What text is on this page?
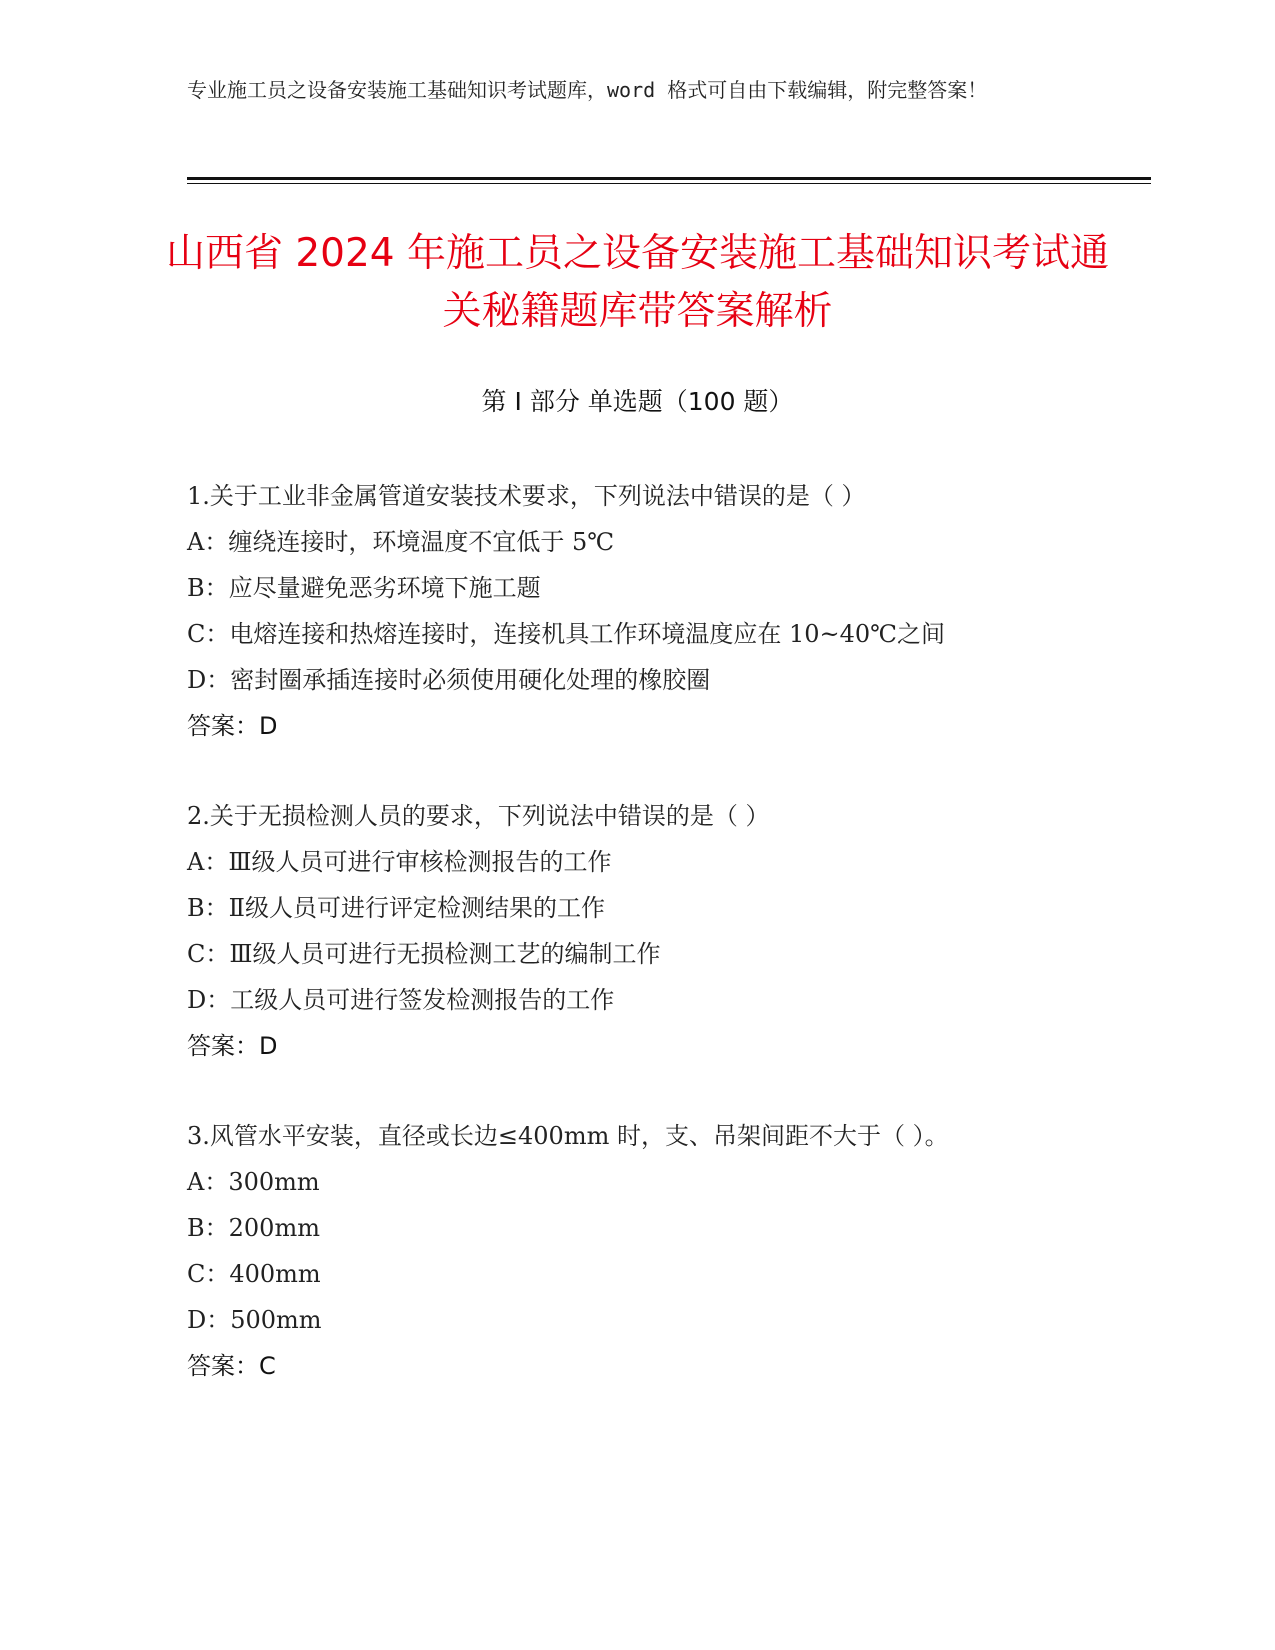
专业施工员之设备安装施工基础知识考试题库，word 格式可自由下载编辑，附完整答案！
山西省 2024 年施工员之设备安装施工基础知识考试通关秘籍题库带答案解析
第 I 部分 单选题（100 题）
1.关于工业非金属管道安装技术要求，下列说法中错误的是（ ）
A：缠绕连接时，环境温度不宜低于 5℃
B：应尽量避免恶劣环境下施工题
C：电熔连接和热熔连接时，连接机具工作环境温度应在 10~40℃之间
D：密封圈承插连接时必须使用硬化处理的橡胶圈
答案：D
2.关于无损检测人员的要求，下列说法中错误的是（ ）
A：Ⅲ级人员可进行审核检测报告的工作
B：Ⅱ级人员可进行评定检测结果的工作
C：Ⅲ级人员可进行无损检测工艺的编制工作
D：工级人员可进行签发检测报告的工作
答案：D
3.风管水平安装，直径或长边≤400mm 时，支、吊架间距不大于（ ）。
A：300mm
B：200mm
C：400mm
D：500mm
答案：C
